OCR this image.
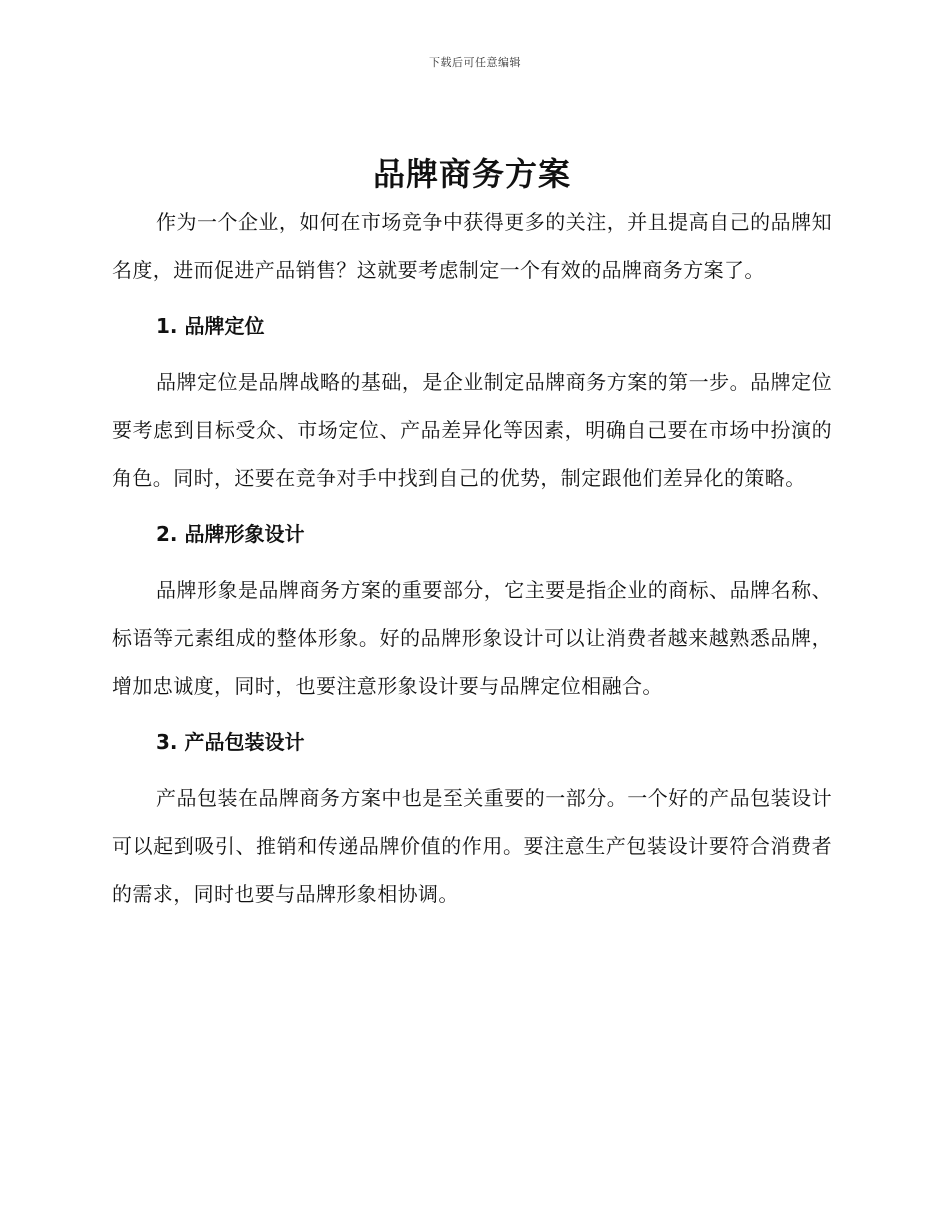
下载后可任意编辑
品牌商务方案

作为一个企业，如何在市场竞争中获得更多的关注，并且提高自己的品牌知名度，进而促进产品销售？这就要考虑制定一个有效的品牌商务方案了。

1. 品牌定位

品牌定位是品牌战略的基础，是企业制定品牌商务方案的第一步。品牌定位要考虑到目标受众、市场定位、产品差异化等因素，明确自己要在市场中扮演的角色。同时，还要在竞争对手中找到自己的优势，制定跟他们差异化的策略。

2. 品牌形象设计

品牌形象是品牌商务方案的重要部分，它主要是指企业的商标、品牌名称、标语等元素组成的整体形象。好的品牌形象设计可以让消费者越来越熟悉品牌，增加忠诚度，同时，也要注意形象设计要与品牌定位相融合。

3. 产品包装设计

产品包装在品牌商务方案中也是至关重要的一部分。一个好的产品包装设计可以起到吸引、推销和传递品牌价值的作用。要注意生产包装设计要符合消费者的需求，同时也要与品牌形象相协调。
